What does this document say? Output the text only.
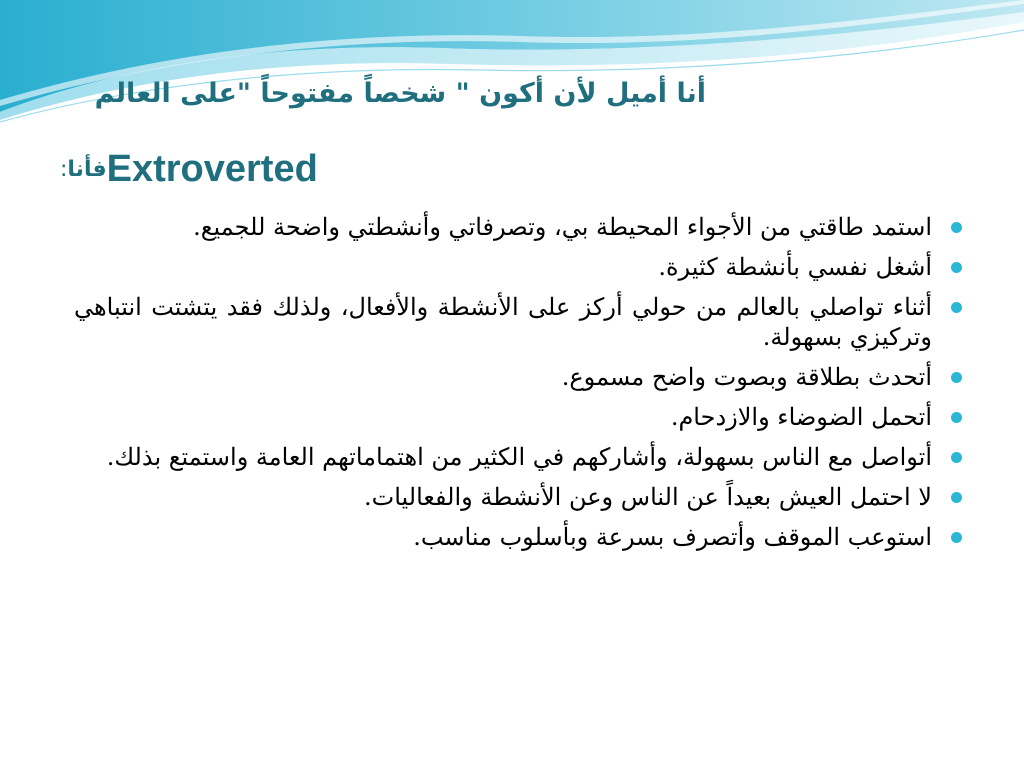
أنا أميل لأن أكون " شخصاً مفتوحاً "على العالم
:فأناExtroverted
استمد طاقتي من الأجواء المحيطة بي، وتصرفاتي وأنشطتي واضحة للجميع.
أشغل نفسي بأنشطة كثيرة.
أثناء تواصلي بالعالم من حولي أركز على الأنشطة والأفعال، ولذلك فقد يتشتت انتباهي وتركيزي بسهولة.
أتحدث بطلاقة وبصوت واضح مسموع.
أتحمل الضوضاء والازدحام.
أتواصل مع الناس بسهولة، وأشاركهم في الكثير من اهتماماتهم العامة واستمتع بذلك.
لا احتمل العيش بعيداً عن الناس وعن الأنشطة والفعاليات.
استوعب الموقف وأتصرف بسرعة وبأسلوب مناسب.
